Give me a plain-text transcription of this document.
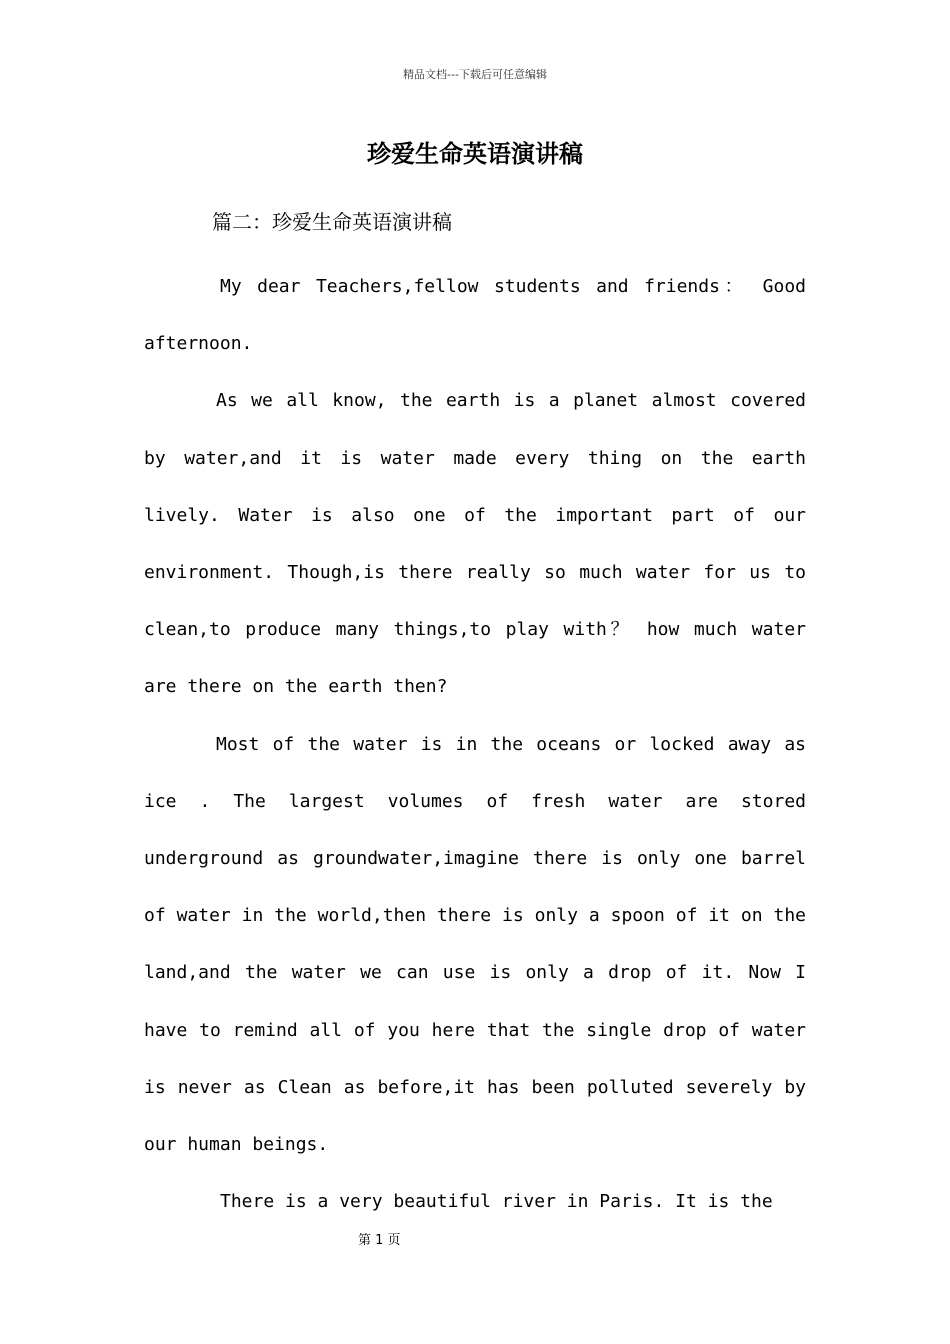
精品文档---下载后可任意编辑
珍爱生命英语演讲稿
篇二：珍爱生命英语演讲稿

My dear Teachers,fellow students and friends： Good afternoon.

As we all know, the earth is a planet almost covered by water,and it is water made every thing on the earth lively. Water is also one of the important part of our environment. Though,is there really so much water for us to clean,to produce many things,to play with？ how much water are there on the earth then?

Most of the water is in the oceans or locked away as ice . The largest volumes of fresh water are stored underground as groundwater,imagine there is only one barrel of water in the world,then there is only a spoon of it on the land,and the water we can use is only a drop of it. Now I have to remind all of you here that the single drop of water is never as Clean as before,it has been polluted severely by our human beings.

There is a very beautiful river in Paris. It is the

第 1 页
